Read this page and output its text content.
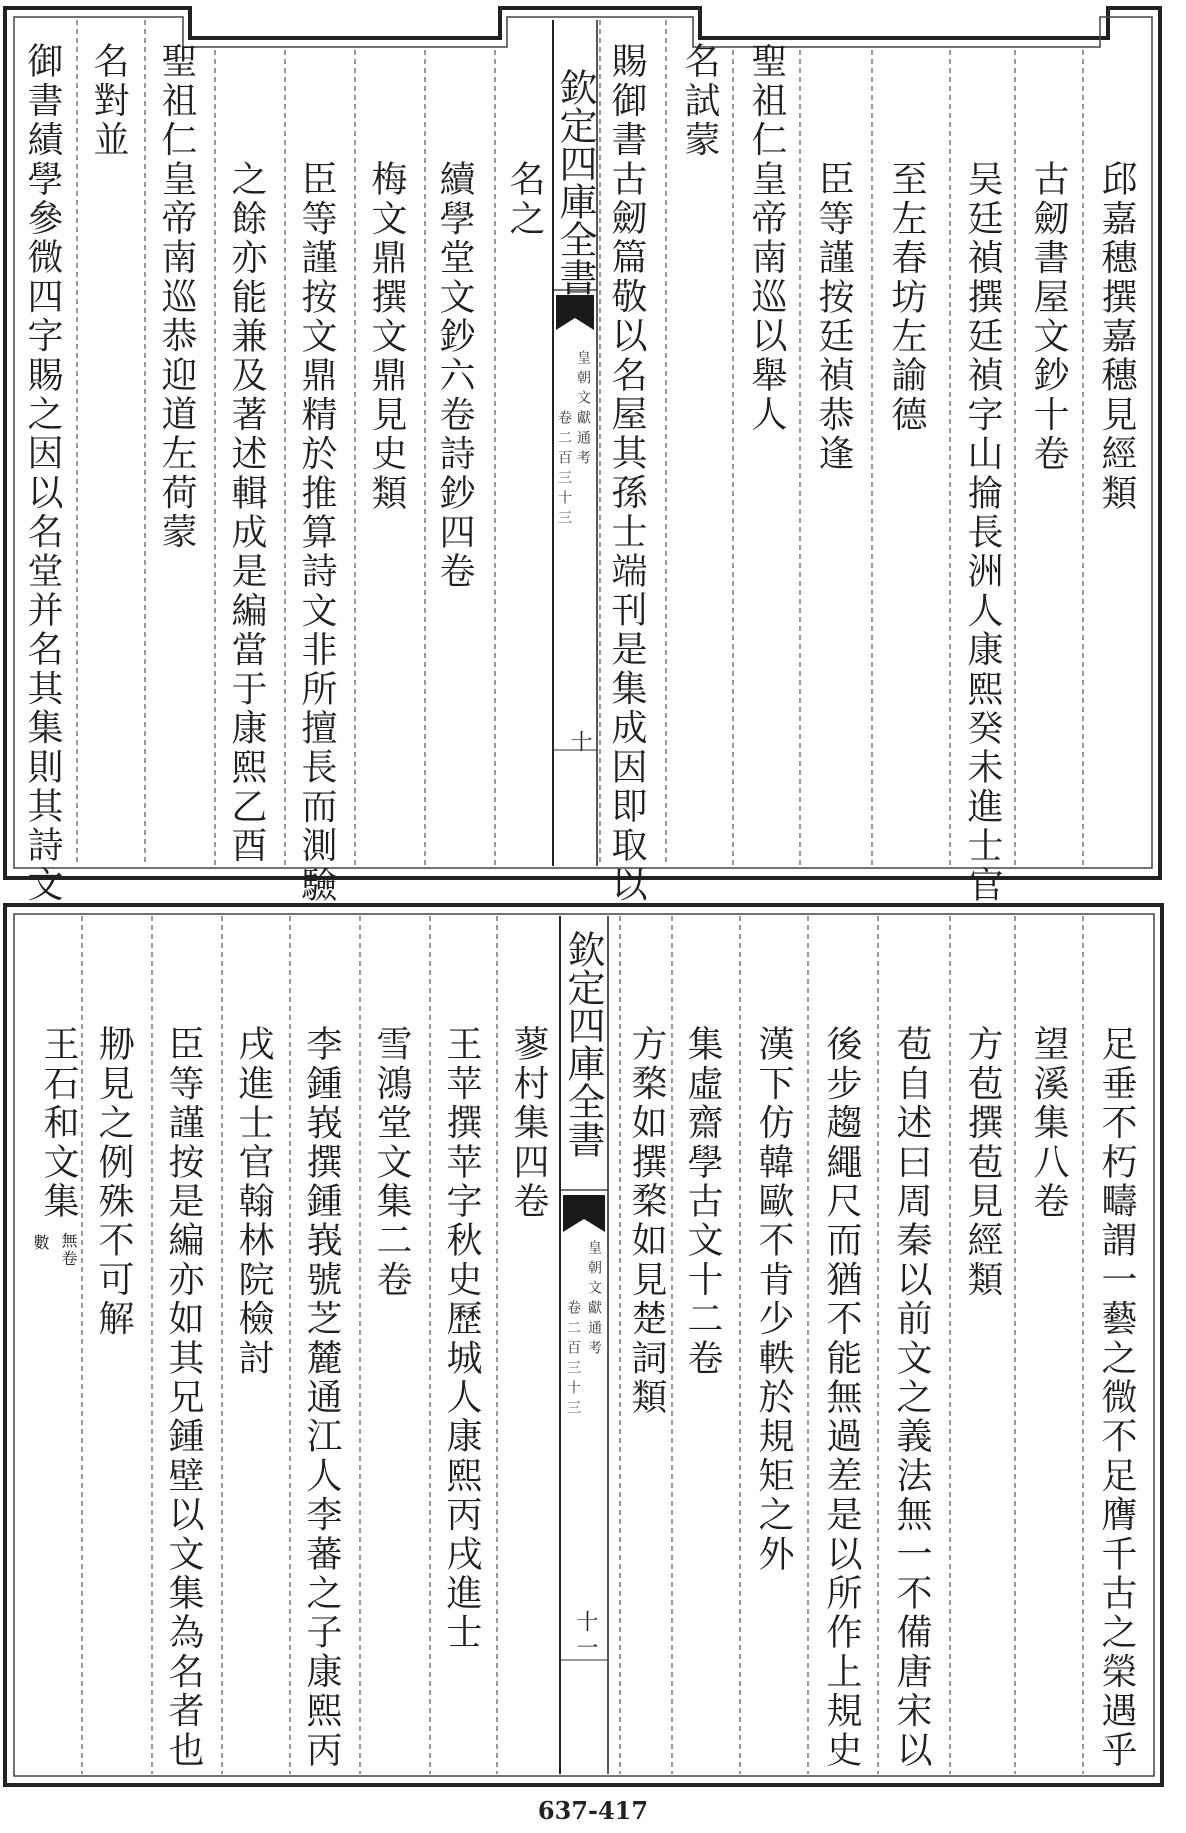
邱嘉穗撰嘉穗見經類
古劒書屋文鈔十卷
吴廷禎撰廷禎字山掄長洲人康熙癸未進士官
至左春坊左諭德
臣等謹按廷禎恭逢
聖祖仁皇帝南巡以舉人
名試蒙
賜御書古劒篇敬以名屋其孫士端刊是集成因即取以
欽定四庫全書
皇朝文獻通考
卷二百三十三
十
名之
續學堂文鈔六卷詩鈔四卷
梅文鼎撰文鼎見史類
臣等謹按文鼎精於推算詩文非所擅長而測驗
之餘亦能兼及著述輯成是編當于康熙乙酉
聖祖仁皇帝南巡恭迎道左荷蒙
名對並
御書績學參微四字賜之因以名堂并名其集則其詩文
足垂不朽疇謂一藝之微不足膺千古之榮遇乎
望溪集八卷
方苞撰苞見經類
苞自述曰周秦以前文之義法無一不備唐宋以
後步趨繩尺而猶不能無過差是以所作上規史
漢下仿韓歐不肯少軼於規矩之外
集虛齋學古文十二卷
方楘如撰楘如見楚詞類
欽定四庫全書
皇朝文獻通考
卷二百三十三
十一
蓼村集四卷
王苹撰苹字秋史歷城人康熙丙戌進士
雪鴻堂文集二卷
李鍾峩撰鍾峩號芝麓通江人李蕃之子康熙丙
戌進士官翰林院檢討
臣等謹按是編亦如其兄鍾壁以文集為名者也
刱見之例殊不可解
王石和文集
無卷
數
637-417
